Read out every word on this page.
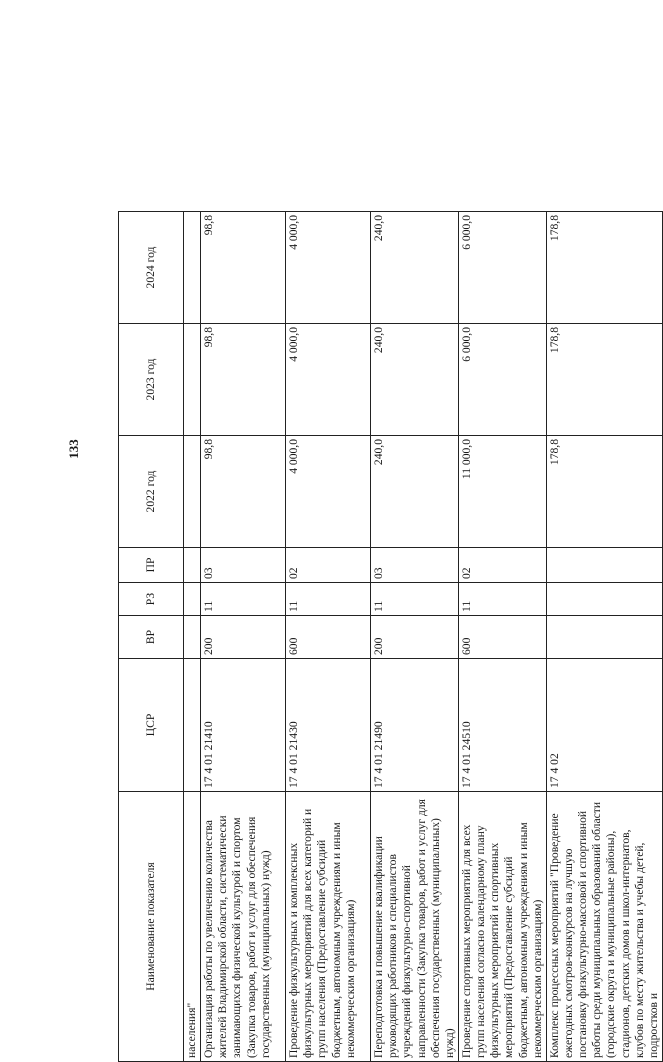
133
Наименование показателя	ЦСР	ВР	РЗ	ПР	2022 год	2023 год	2024 год
населения"							
Организация работы по увеличению количества жителей Владимирской области, систематически занимающихся физической культурой и спортом (Закупка товаров, работ и услуг для обеспечения государственных (муниципальных) нужд)	17 4 01 21410	200	11	03	98,8	98,8	98,8
Проведение физкультурных и комплексных физкультурных мероприятий для всех категорий и групп населения (Предоставление субсидий бюджетным, автономным учреждениям и иным некоммерческим организациям)	17 4 01 21430	600	11	02	4 000,0	4 000,0	4 000,0
Переподготовка и повышение квалификации руководящих работников и специалистов учреждений физкультурно-спортивной направленности (Закупка товаров, работ и услуг для обеспечения государственных (муниципальных) нужд)	17 4 01 21490	200	11	03	240,0	240,0	240,0
Проведение спортивных мероприятий для всех групп населения согласно календарному плану физкультурных мероприятий и спортивных мероприятий (Предоставление субсидий бюджетным, автономным учреждениям и иным некоммерческим организациям)	17 4 01 24510	600	11	02	11 000,0	6 000,0	6 000,0
Комплекс процессных мероприятий "Проведение ежегодных смотров-конкурсов на лучшую постановку физкультурно-массовой и спортивной работы среди муниципальных образований области (городские округа и муниципальные районы), стадионов, детских домов и школ-интернатов, клубов по месту жительства и учебы детей, подростков и	17 4 02				178,8	178,8	178,8
